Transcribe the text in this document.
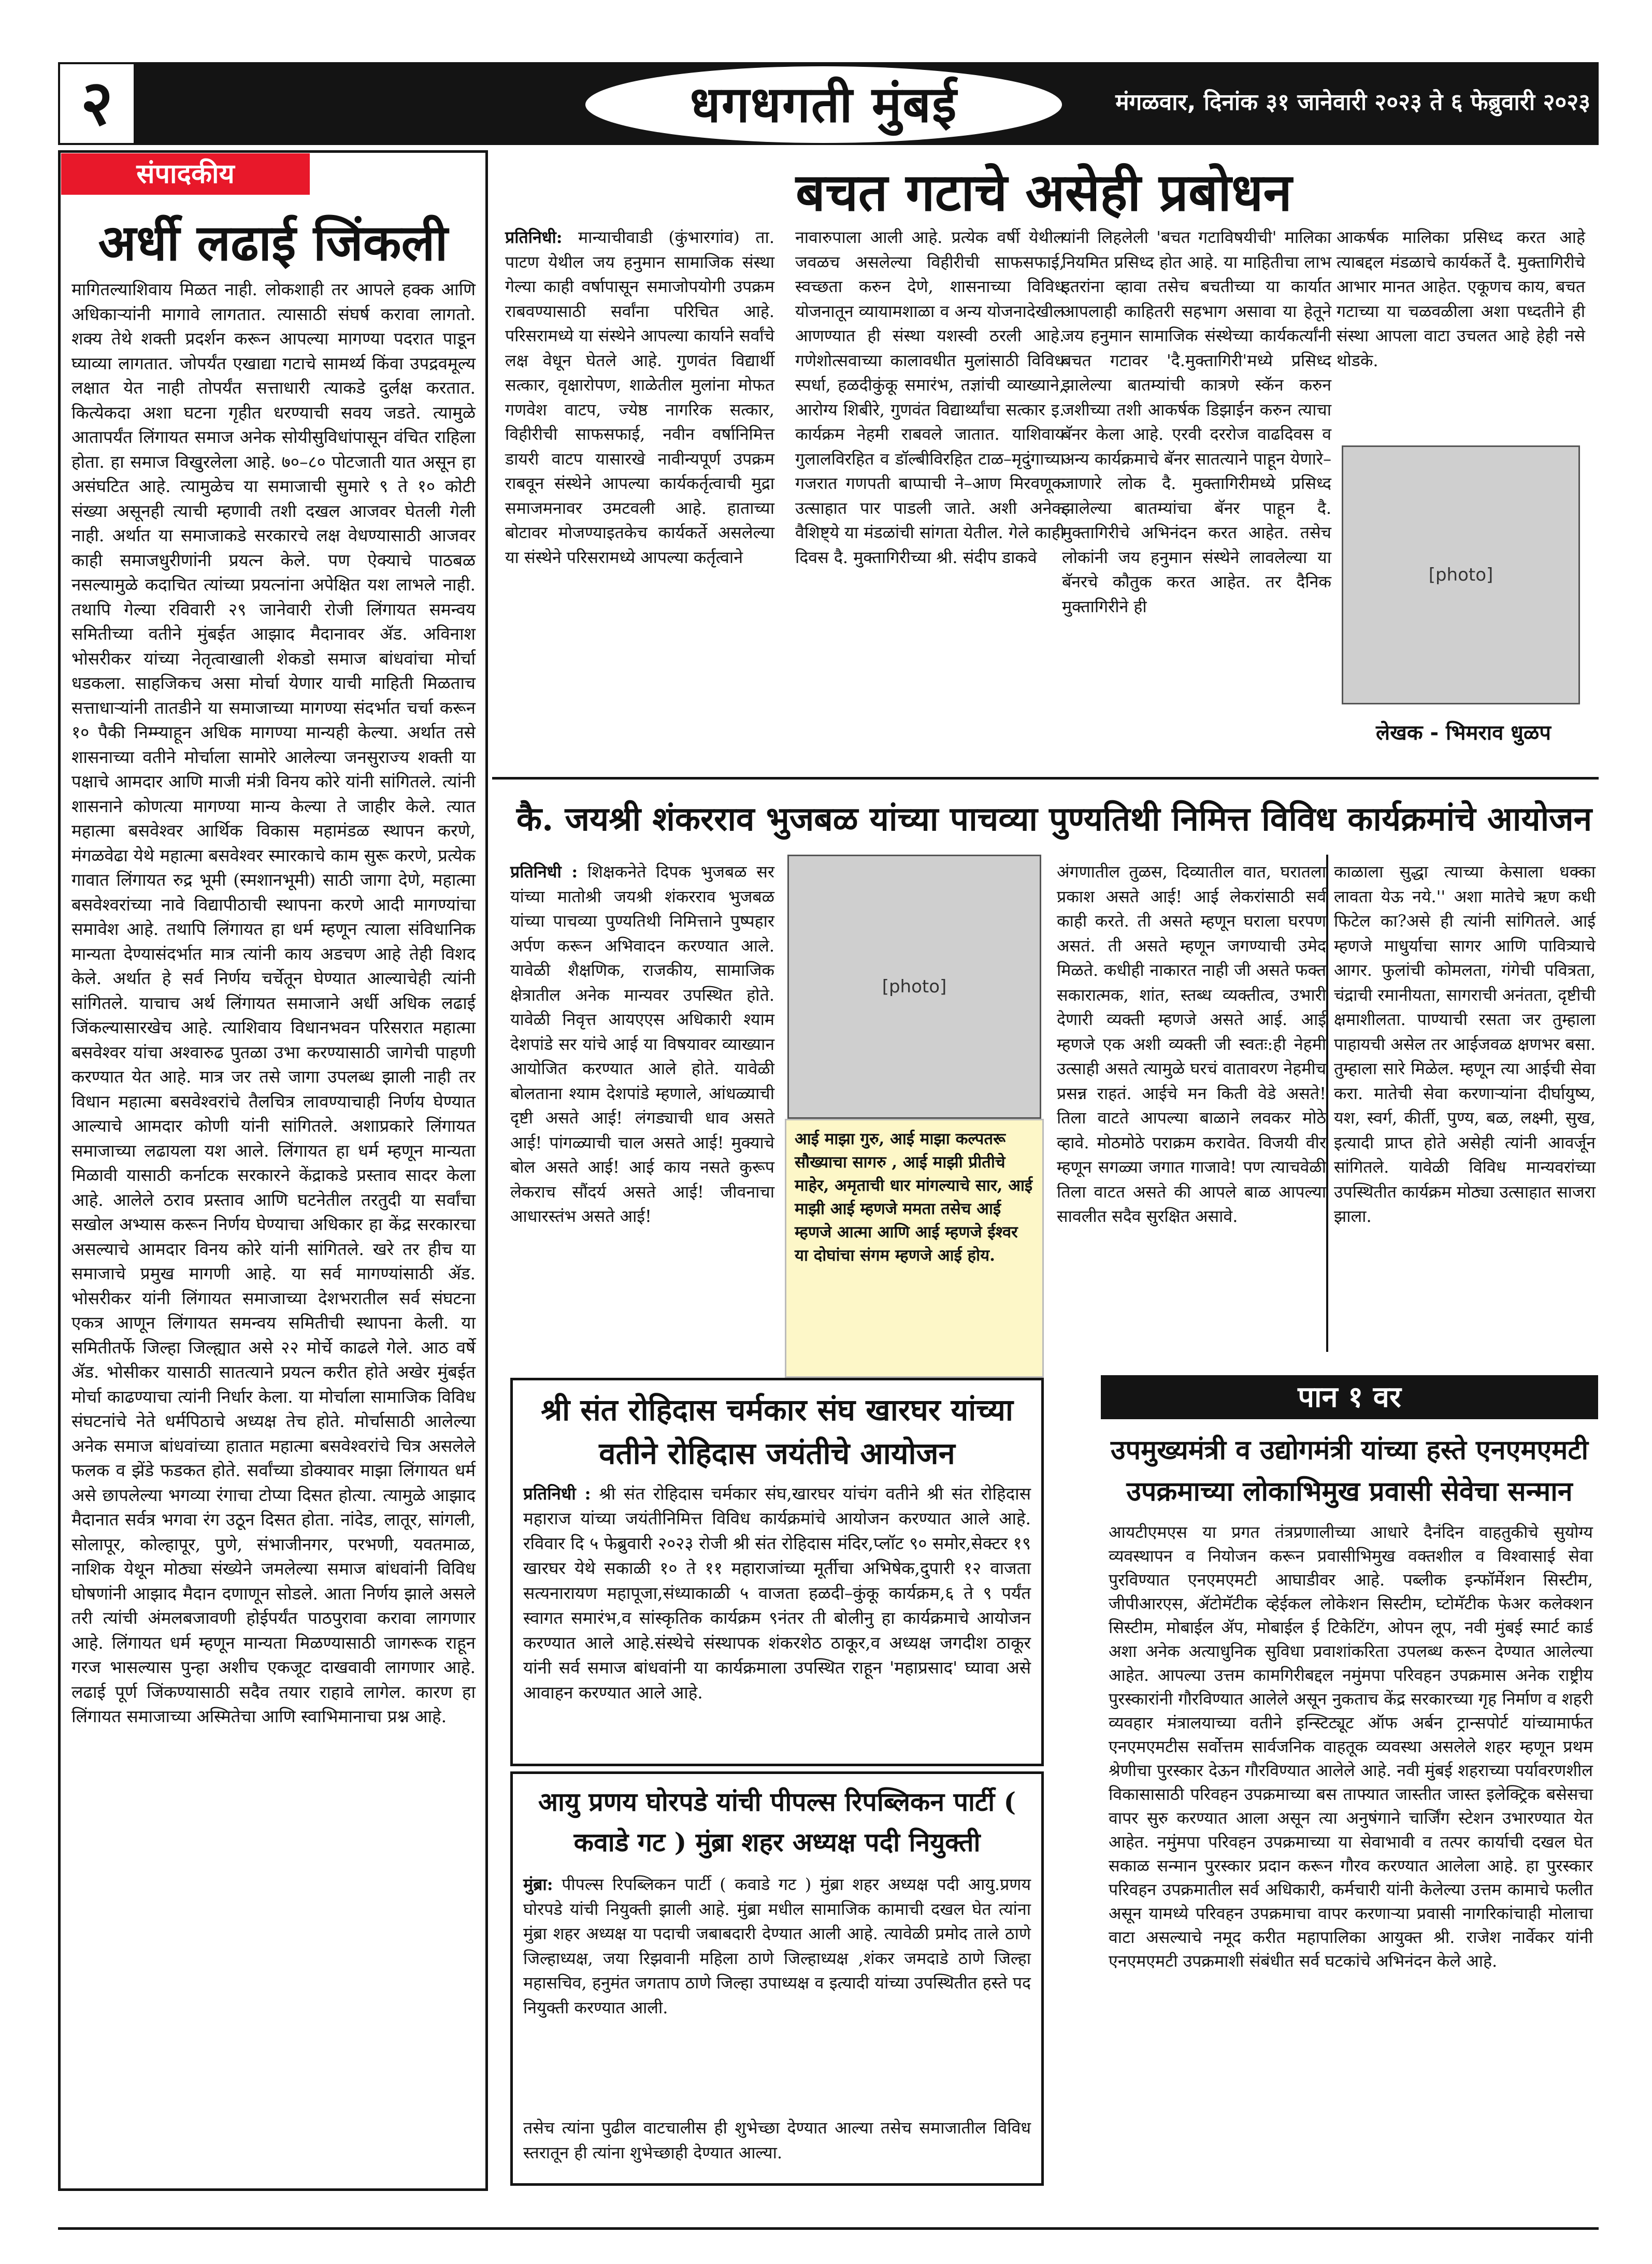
२	धगधगती मुंबई	मंगळवार, दिनांक ३१ जानेवारी २०२३ ते ६ फेब्रुवारी २०२३
संपादकीय
अर्धी लढाई जिंकली
मागितल्याशिवाय मिळत नाही. लोकशाही तर आपले हक्क आणि अधिकाऱ्यांनी मागावे लागतात. त्यासाठी संघर्ष करावा लागतो. शक्य तेथे शक्ती प्रदर्शन करून आपल्या मागण्या पदरात पाडून घ्याव्या लागतात. जोपर्यंत एखाद्या गटाचे सामर्थ्य किंवा उपद्रवमूल्य लक्षात येत नाही तोपर्यंत सत्ताधारी त्याकडे दुर्लक्ष करतात. कित्येकदा अशा घटना गृहीत धरण्याची सवय जडते. त्यामुळे आतापर्यंत लिंगायत समाज अनेक सोयीसुविधांपासून वंचित राहिला होता. हा समाज विखुरलेला आहे. ७०–८० पोटजाती यात असून हा असंघटित आहे. त्यामुळेच या समाजाची सुमारे ९ ते १० कोटी संख्या असूनही त्याची म्हणावी तशी दखल आजवर घेतली गेली नाही. अर्थात या समाजाकडे सरकारचे लक्ष वेधण्यासाठी आजवर काही समाजधुरीणांनी प्रयत्न केले. पण ऐक्याचे पाठबळ नसल्यामुळे कदाचित त्यांच्या प्रयत्नांना अपेक्षित यश लाभले नाही. तथापि गेल्या रविवारी २९ जानेवारी रोजी लिंगायत समन्वय समितीच्या वतीने मुंबईत आझाद मैदानावर ॲड. अविनाश भोसरीकर यांच्या नेतृत्वाखाली शेकडो समाज बांधवांचा मोर्चा धडकला. साहजिकच असा मोर्चा येणार याची माहिती मिळताच सत्ताधाऱ्यांनी तातडीने या समाजाच्या मागण्या संदर्भात चर्चा करून १० पैकी निम्म्याहून अधिक मागण्या मान्यही केल्या. अर्थात तसे शासनाच्या वतीने मोर्चाला सामोरे आलेल्या जनसुराज्य शक्ती या पक्षाचे आमदार आणि माजी मंत्री विनय कोरे यांनी सांगितले. त्यांनी शासनाने कोणत्या मागण्या मान्य केल्या ते जाहीर केले. त्यात महात्मा बसवेश्वर आर्थिक विकास महामंडळ स्थापन करणे, मंगळवेढा येथे महात्मा बसवेश्वर स्मारकाचे काम सुरू करणे, प्रत्येक गावात लिंगायत रुद्र भूमी (स्मशानभूमी) साठी जागा देणे, महात्मा बसवेश्वरांच्या नावे विद्यापीठाची स्थापना करणे आदी मागण्यांचा समावेश आहे. तथापि लिंगायत हा धर्म म्हणून त्याला संविधानिक मान्यता देण्यासंदर्भात मात्र त्यांनी काय अडचण आहे तेही विशद केले. अर्थात हे सर्व निर्णय चर्चेतून घेण्यात आल्याचेही त्यांनी सांगितले. याचाच अर्थ लिंगायत समाजाने अर्धी अधिक लढाई जिंकल्यासारखेच आहे. त्याशिवाय विधानभवन परिसरात महात्मा बसवेश्वर यांचा अश्वारुढ पुतळा उभा करण्यासाठी जागेची पाहणी करण्यात येत आहे. मात्र जर तसे जागा उपलब्ध झाली नाही तर विधान महात्मा बसवेश्वरांचे तैलचित्र लावण्याचाही निर्णय घेण्यात आल्याचे आमदार कोणी यांनी सांगितले. अशाप्रकारे लिंगायत समाजाच्या लढायला यश आले. लिंगायत हा धर्म म्हणून मान्यता मिळावी यासाठी कर्नाटक सरकारने केंद्राकडे प्रस्ताव सादर केला आहे. आलेले ठराव प्रस्ताव आणि घटनेतील तरतुदी या सर्वांचा सखोल अभ्यास करून निर्णय घेण्याचा अधिकार हा केंद्र सरकारचा असल्याचे आमदार विनय कोरे यांनी सांगितले. खरे तर हीच या समाजाचे प्रमुख मागणी आहे. या सर्व मागण्यांसाठी ॲड. भोसरीकर यांनी लिंगायत समाजाच्या देशभरातील सर्व संघटना एकत्र आणून लिंगायत समन्वय समितीची स्थापना केली. या समितीतर्फे जिल्हा जिल्ह्यात असे २२ मोर्चे काढले गेले. आठ वर्षे ॲड. भोसीकर यासाठी सातत्याने प्रयत्न करीत होते अखेर मुंबईत मोर्चा काढण्याचा त्यांनी निर्धार केला. या मोर्चाला सामाजिक विविध संघटनांचे नेते धर्मपिठाचे अध्यक्ष तेच होते. मोर्चासाठी आलेल्या अनेक समाज बांधवांच्या हातात महात्मा बसवेश्वरांचे चित्र असलेले फलक व झेंडे फडकत होते. सर्वांच्या डोक्यावर माझा लिंगायत धर्म असे छापलेल्या भगव्या रंगाचा टोप्या दिसत होत्या. त्यामुळे आझाद मैदानात सर्वत्र भगवा रंग उठून दिसत होता. नांदेड, लातूर, सांगली, सोलापूर, कोल्हापूर, पुणे, संभाजीनगर, परभणी, यवतमाळ, नाशिक येथून मोठ्या संख्येने जमलेल्या समाज बांधवांनी विविध घोषणांनी आझाद मैदान दणाणून सोडले. आता निर्णय झाले असले तरी त्यांची अंमलबजावणी होईपर्यंत पाठपुरावा करावा लागणार आहे. लिंगायत धर्म म्हणून मान्यता मिळण्यासाठी जागरूक राहून गरज भासल्यास पुन्हा अशीच एकजूट दाखवावी लागणार आहे. लढाई पूर्ण जिंकण्यासाठी सदैव तयार राहावे लागेल. कारण हा लिंगायत समाजाच्या अस्मितेचा आणि स्वाभिमानाचा प्रश्न आहे.
बचत गटाचे असेही प्रबोधन
प्रतिनिधी: मान्याचीवाडी (कुंभारगांव) ता. पाटण येथील जय हनुमान सामाजिक संस्था गेल्या काही वर्षापासून समाजोपयोगी उपक्रम राबवण्यासाठी सर्वांना परिचित आहे. परिसरामध्ये या संस्थेने आपल्या कार्याने सर्वांचे लक्ष वेधून घेतले आहे. गुणवंत विद्यार्थी सत्कार, वृक्षारोपण, शाळेतील मुलांना मोफत गणवेश वाटप, ज्येष्ठ नागरिक सत्कार, विहीरीची साफसफाई, नवीन वर्षानिमित्त डायरी वाटप यासारखे नावीन्यपूर्ण उपक्रम राबवून संस्थेने आपल्या कार्यकर्तृत्वाची मुद्रा समाजमनावर उमटवली आहे. हाताच्या बोटावर मोजण्याइतकेच कार्यकर्ते असलेल्या या संस्थेने परिसरामध्ये आपल्या कर्तृत्वाने
नावारुपाला आली आहे. प्रत्येक वर्षी येथील जवळच असलेल्या विहीरीची साफसफाई, स्वच्छता करुन देणे, शासनाच्या विविध योजनातून व्यायामशाळा व अन्य योजनादेखील आणण्यात ही संस्था यशस्वी ठरली आहे. गणेशोत्सवाच्या कालावधीत मुलांसाठी विविध स्पर्धा, हळदीकुंकू समारंभ, तज्ञांची व्याख्याने, आरोग्य शिबीरे, गुणवंत विद्यार्थ्यांचा सत्कार इ. कार्यक्रम नेहमी राबवले जातात. याशिवाय गुलालविरहित व डॉल्बीविरहित टाळ–मृदुंगाच्या गजरात गणपती बाप्पाची ने–आण मिरवणूक उत्साहात पार पाडली जाते. अशी अनेक वैशिष्ट्ये या मंडळांची सांगता येतील. गेले काही दिवस दै. मुक्तागिरीच्या श्री. संदीप डाकवे
यांनी लिहलेली 'बचत गटाविषयीची' मालिका नियमित प्रसिध्द होत आहे. या माहितीचा लाभ इतरांना व्हावा तसेच बचतीच्या या कार्यात आपलाही काहितरी सहभाग असावा या हेतूने जय हनुमान सामाजिक संस्थेच्या कार्यकर्त्यांनी बचत गटावर 'दै.मुक्तागिरी'मध्ये प्रसिध्द झालेल्या बातम्यांची कात्रणे स्कॅन करुन जशीच्या तशी आकर्षक डिझाईन करुन त्याचा बॅनर केला आहे. एरवी दररोज वाढदिवस व अन्य कार्यक्रमाचे बॅनर सातत्याने पाहून येणारे–जाणारे लोक दै. मुक्तागिरीमध्ये प्रसिध्द झालेल्या बातम्यांचा बॅनर पाहून दै. मुक्तागिरीचे अभिनंदन करत आहेत. तसेच लोकांनी जय हनुमान संस्थेने लावलेल्या या बॅनरचे कौतुक करत आहेत. तर दैनिक मुक्तागिरीने ही
आकर्षक मालिका प्रसिध्द करत आहे त्याबद्दल मंडळाचे कार्यकर्ते दै. मुक्तागिरीचे आभार मानत आहेत. एकूणच काय, बचत गटाच्या या चळवळीला अशा पध्दतीने ही संस्था आपला वाटा उचलत आहे हेही नसे थोडके.
[photo]
लेखक - भिमराव धुळप
कै. जयश्री शंकरराव भुजबळ यांच्या पाचव्या पुण्यतिथी निमित्त विविध कार्यक्रमांचे आयोजन
प्रतिनिधी : शिक्षकनेते दिपक भुजबळ सर यांच्या मातोश्री जयश्री शंकरराव भुजबळ यांच्या पाचव्या पुण्यतिथी निमित्ताने पुष्पहार अर्पण करून अभिवादन करण्यात आले. यावेळी शैक्षणिक, राजकीय, सामाजिक क्षेत्रातील अनेक मान्यवर उपस्थित होते. यावेळी निवृत्त आयएएस अधिकारी श्याम देशपांडे सर यांचे आई या विषयावर व्याख्यान आयोजित करण्यात आले होते. यावेळी बोलताना श्याम देशपांडे म्हणाले, आंधळ्याची दृष्टी असते आई! लंगड्याची धाव असते आई! पांगळ्याची चाल असते आई! मुक्याचे बोल असते आई! आई काय नसते कुरूप लेकराच सौंदर्य असते आई! जीवनाचा आधारस्तंभ असते आई!
[photo]
आई माझा गुरु, आई माझा कल्पतरू सौख्याचा सागरु , आई माझी प्रीतीचे माहेर, अमृताची धार मांगल्याचे सार, आई माझी आई म्हणजे ममता तसेच आई म्हणजे आत्मा आणि आई म्हणजे ईश्वर या दोघांचा संगम म्हणजे आई होय.
अंगणातील तुळस, दिव्यातील वात, घरातला प्रकाश असते आई! आई लेकरांसाठी सर्व काही करते. ती असते म्हणून घराला घरपण असतं. ती असते म्हणून जगण्याची उमेद मिळते. कधीही नाकारत नाही जी असते फक्त सकारात्मक, शांत, स्तब्ध व्यक्तीत्व, उभारी देणारी व्यक्ती म्हणजे असते आई. आई म्हणजे एक अशी व्यक्ती जी स्वतः:ही नेहमी उत्साही असते त्यामुळे घरचं वातावरण नेहमीच प्रसन्न राहतं. आईचे मन किती वेडे असते! तिला वाटते आपल्या बाळाने लवकर मोठे व्हावे. मोठमोठे पराक्रम करावेत. विजयी वीर म्हणून सगळ्या जगात गाजावे! पण त्याचवेळी तिला वाटत असते की आपले बाळ आपल्या सावलीत सदैव सुरक्षित असावे.
काळाला सुद्धा त्याच्या केसाला धक्का लावता येऊ नये.'' अशा मातेचे ऋण कधी फिटेल का?असे ही त्यांनी सांगितले. आई म्हणजे माधुर्याचा सागर आणि पावित्र्याचे आगर. फुलांची कोमलता, गंगेची पवित्रता, चंद्राची रमानीयता, सागराची अनंतता, दृष्टीची क्षमाशीलता. पाण्याची रसता जर तुम्हाला पाहायची असेल तर आईजवळ क्षणभर बसा. तुम्हाला सारे मिळेल. म्हणून त्या आईची सेवा करा. मातेची सेवा करणाऱ्यांना दीर्घायुष्य, यश, स्वर्ग, कीर्ती, पुण्य, बळ, लक्ष्मी, सुख, इत्यादी प्राप्त होते असेही त्यांनी आवर्जून सांगितले. यावेळी विविध मान्यवरांच्या उपस्थितीत कार्यक्रम मोठ्या उत्साहात साजरा झाला.
श्री संत रोहिदास चर्मकार संघ खारघर यांच्या वतीने रोहिदास जयंतीचे आयोजन
प्रतिनिधी : श्री संत रोहिदास चर्मकार संघ,खारघर यांचंग वतीने श्री संत रोहिदास महाराज यांच्या जयंतीनिमित्त विविध कार्यक्रमांचे आयोजन करण्यात आले आहे. रविवार दि ५ फेब्रुवारी २०२३ रोजी श्री संत रोहिदास मंदिर,प्लॉट ९० समोर,सेक्टर १९ खारघर येथे सकाळी १० ते ११ महाराजांच्या मूर्तीचा अभिषेक,दुपारी १२ वाजता सत्यनारायण महापूजा,संध्याकाळी ५ वाजता हळदी–कुंकू कार्यक्रम,६ ते ९ पर्यंत स्वागत समारंभ,व सांस्कृतिक कार्यक्रम ९नंतर ती बोलीनु हा कार्यक्रमाचे आयोजन करण्यात आले आहे.संस्थेचे संस्थापक शंकरशेठ ठाकूर,व अध्यक्ष जगदीश ठाकूर यांनी सर्व समाज बांधवांनी या कार्यक्रमाला उपस्थित राहून 'महाप्रसाद' घ्यावा असे आवाहन करण्यात आले आहे.
आयु प्रणय घोरपडे यांची पीपल्स रिपब्लिकन पार्टी ( कवाडे गट ) मुंब्रा शहर अध्यक्ष पदी नियुक्ती
मुंब्रा: पीपल्स रिपब्लिकन पार्टी ( कवाडे गट ) मुंब्रा शहर अध्यक्ष पदी आयु.प्रणय घोरपडे यांची नियुक्ती झाली आहे. मुंब्रा मधील सामाजिक कामाची दखल घेत त्यांना मुंब्रा शहर अध्यक्ष या पदाची जबाबदारी देण्यात आली आहे. त्यावेळी प्रमोद ताले ठाणे जिल्हाध्यक्ष, जया रिझवानी महिला ठाणे जिल्हाध्यक्ष ,शंकर जमदाडे ठाणे जिल्हा महासचिव, हनुमंत जगताप ठाणे जिल्हा उपाध्यक्ष व इत्यादी यांच्या उपस्थितीत हस्ते पद नियुक्ती करण्यात आली.
तसेच त्यांना पुढील वाटचालीस ही शुभेच्छा देण्यात आल्या तसेच समाजातील विविध स्तरातून ही त्यांना शुभेच्छाही देण्यात आल्या.
पान १ वर
उपमुख्यमंत्री व उद्योगमंत्री यांच्या हस्ते एनएमएमटी उपक्रमाच्या लोकाभिमुख प्रवासी सेवेचा सन्मान
आयटीएमएस या प्रगत तंत्रप्रणालीच्या आधारे दैनंदिन वाहतुकीचे सुयोग्य व्यवस्थापन व नियोजन करून प्रवासीभिमुख वक्तशील व विश्वासाई सेवा पुरविण्यात एनएमएमटी आघाडीवर आहे. पब्लीक इन्फॉर्मेशन सिस्टीम, जीपीआरएस, ॲटोमॅटीक व्हेईकल लोकेशन सिस्टीम, घ्टोमॅटीक फेअर कलेक्शन सिस्टीम, मोबाईल ॲप, मोबाईल ई टिकेटिंग, ओपन लूप, नवी मुंबई स्मार्ट कार्ड अशा अनेक अत्याधुनिक सुविधा प्रवाशांकरिता उपलब्ध करून देण्यात आलेल्या आहेत. आपल्या उत्तम कामगिरीबद्दल नमुंमपा परिवहन उपक्रमास अनेक राष्ट्रीय पुरस्कारांनी गौरविण्यात आलेले असून नुकताच केंद्र सरकारच्या गृह निर्माण व शहरी व्यवहार मंत्रालयाच्या वतीने इन्स्टिट्यूट ऑफ अर्बन ट्रान्सपोर्ट यांच्यामार्फत एनएमएमटीस सर्वोत्तम सार्वजनिक वाहतूक व्यवस्था असलेले शहर म्हणून प्रथम श्रेणीचा पुरस्कार देऊन गौरविण्यात आलेले आहे. नवी मुंबई शहराच्या पर्यावरणशील विकासासाठी परिवहन उपक्रमाच्या बस ताफ्यात जास्तीत जास्त इलेक्ट्रिक बसेसचा वापर सुरु करण्यात आला असून त्या अनुषंगाने चार्जिंग स्टेशन उभारण्यात येत आहेत. नमुंमपा परिवहन उपक्रमाच्या या सेवाभावी व तत्पर कार्याची दखल घेत सकाळ सन्मान पुरस्कार प्रदान करून गौरव करण्यात आलेला आहे. हा पुरस्कार परिवहन उपक्रमातील सर्व अधिकारी, कर्मचारी यांनी केलेल्या उत्तम कामाचे फलीत असून यामध्ये परिवहन उपक्रमाचा वापर करणाऱ्या प्रवासी नागरिकांचाही मोलाचा वाटा असल्याचे नमूद करीत महापालिका आयुक्त श्री. राजेश नार्वेकर यांनी एनएमएमटी उपक्रमाशी संबंधीत सर्व घटकांचे अभिनंदन केले आहे.
